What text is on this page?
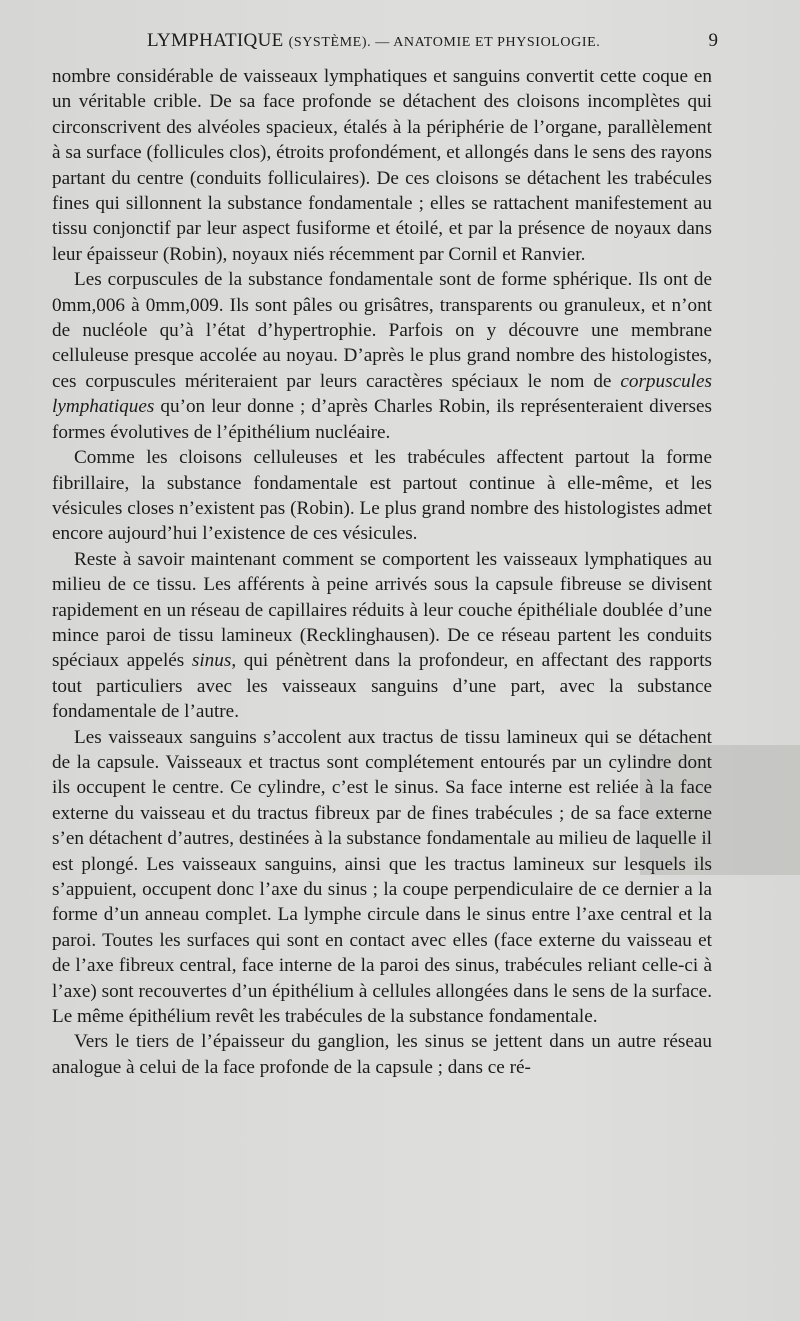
LYMPHATIQUE (SYSTÈME). — ANATOMIE ET PHYSIOLOGIE.	9

nombre considérable de vaisseaux lymphatiques et sanguins convertit cette coque en un véritable crible. De sa face profonde se détachent des cloisons incomplètes qui circonscrivent des alvéoles spacieux, étalés à la périphérie de l’organe, parallèlement à sa surface (follicules clos), étroits profondément, et allongés dans le sens des rayons partant du centre (conduits folliculaires). De ces cloisons se détachent les trabécules fines qui sillonnent la substance fondamentale ; elles se rattachent manifestement au tissu conjonctif par leur aspect fusiforme et étoilé, et par la présence de noyaux dans leur épaisseur (Robin), noyaux niés récemment par Cornil et Ranvier.

Les corpuscules de la substance fondamentale sont de forme sphérique. Ils ont de 0mm,006 à 0mm,009. Ils sont pâles ou grisâtres, transparents ou granuleux, et n’ont de nucléole qu’à l’état d’hypertrophie. Parfois on y découvre une membrane celluleuse presque accolée au noyau. D’après le plus grand nombre des histologistes, ces corpuscules mériteraient par leurs caractères spéciaux le nom de corpuscules lymphatiques qu’on leur donne ; d’après Charles Robin, ils représenteraient diverses formes évolutives de l’épithélium nucléaire.

Comme les cloisons celluleuses et les trabécules affectent partout la forme fibrillaire, la substance fondamentale est partout continue à elle-même, et les vésicules closes n’existent pas (Robin). Le plus grand nombre des histologistes admet encore aujourd’hui l’existence de ces vésicules.

Reste à savoir maintenant comment se comportent les vaisseaux lymphatiques au milieu de ce tissu. Les afférents à peine arrivés sous la capsule fibreuse se divisent rapidement en un réseau de capillaires réduits à leur couche épithéliale doublée d’une mince paroi de tissu lamineux (Recklinghausen). De ce réseau partent les conduits spéciaux appelés sinus, qui pénètrent dans la profondeur, en affectant des rapports tout particuliers avec les vaisseaux sanguins d’une part, avec la substance fondamentale de l’autre.

Les vaisseaux sanguins s’accolent aux tractus de tissu lamineux qui se détachent de la capsule. Vaisseaux et tractus sont complétement entourés par un cylindre dont ils occupent le centre. Ce cylindre, c’est le sinus. Sa face interne est reliée à la face externe du vaisseau et du tractus fibreux par de fines trabécules ; de sa face externe s’en détachent d’autres, destinées à la substance fondamentale au milieu de laquelle il est plongé. Les vaisseaux sanguins, ainsi que les tractus lamineux sur lesquels ils s’appuient, occupent donc l’axe du sinus ; la coupe perpendiculaire de ce dernier a la forme d’un anneau complet. La lymphe circule dans le sinus entre l’axe central et la paroi. Toutes les surfaces qui sont en contact avec elles (face externe du vaisseau et de l’axe fibreux central, face interne de la paroi des sinus, trabécules reliant celle-ci à l’axe) sont recouvertes d’un épithélium à cellules allongées dans le sens de la surface. Le même épithélium revêt les trabécules de la substance fondamentale.

Vers le tiers de l’épaisseur du ganglion, les sinus se jettent dans un autre réseau analogue à celui de la face profonde de la capsule ; dans ce ré-
